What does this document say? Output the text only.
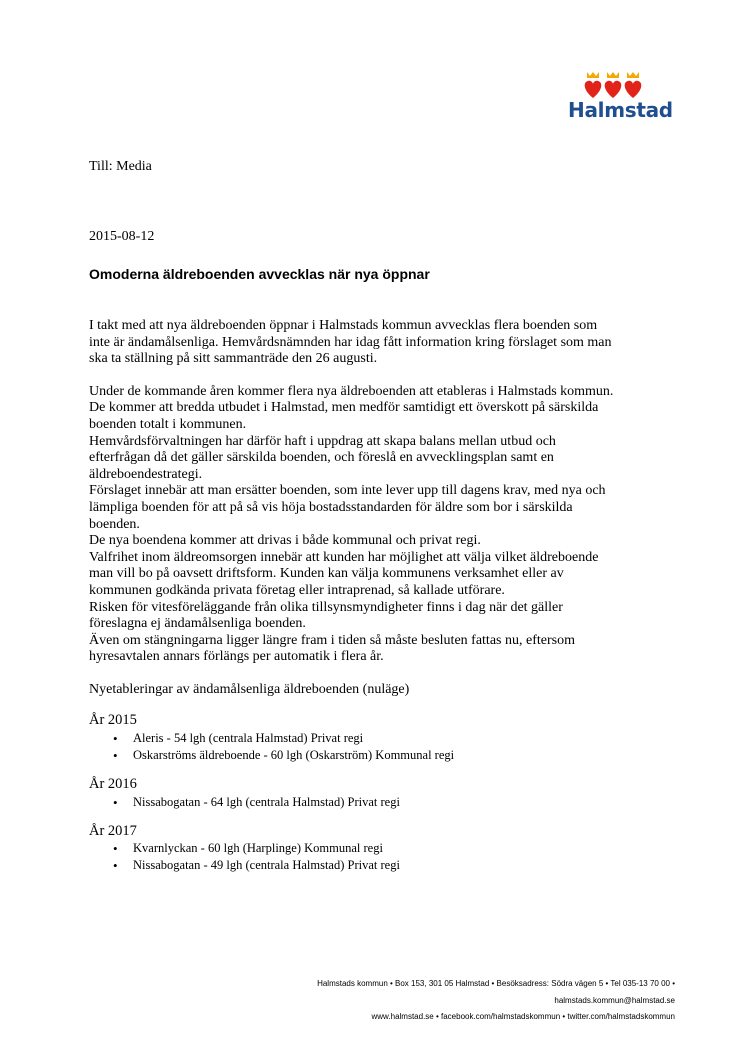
Halmstad
Till: Media
2015-08-12
Omoderna äldreboenden avvecklas när nya öppnar

I takt med att nya äldreboenden öppnar i Halmstads kommun avvecklas flera boenden som
inte är ändamålsenliga. Hemvårdsnämnden har idag fått information kring förslaget som man
ska ta ställning på sitt sammanträde den 26 augusti.

Under de kommande åren kommer flera nya äldreboenden att etableras i Halmstads kommun.
De kommer att bredda utbudet i Halmstad, men medför samtidigt ett överskott på särskilda
boenden totalt i kommunen.

Hemvårdsförvaltningen har därför haft i uppdrag att skapa balans mellan utbud och
efterfrågan då det gäller särskilda boenden, och föreslå en avvecklingsplan samt en
äldreboendestrategi.

Förslaget innebär att man ersätter boenden, som inte lever upp till dagens krav, med nya och
lämpliga boenden för att på så vis höja bostadsstandarden för äldre som bor i särskilda
boenden.

De nya boendena kommer att drivas i både kommunal och privat regi.

Valfrihet inom äldreomsorgen innebär att kunden har möjlighet att välja vilket äldreboende
man vill bo på oavsett driftsform. Kunden kan välja kommunens verksamhet eller av
kommunen godkända privata företag eller intraprenad, så kallade utförare.

Risken för vitesföreläggande från olika tillsynsmyndigheter finns i dag när det gäller
föreslagna ej ändamålsenliga boenden.

Även om stängningarna ligger längre fram i tiden så måste besluten fattas nu, eftersom
hyresavtalen annars förlängs per automatik i flera år.

Nyetableringar av ändamålsenliga äldreboenden (nuläge)

År 2015
• Aleris - 54 lgh (centrala Halmstad) Privat regi
• Oskarströms äldreboende - 60 lgh (Oskarström) Kommunal regi
År 2016
• Nissabogatan - 64 lgh (centrala Halmstad) Privat regi
År 2017
• Kvarnlyckan - 60 lgh (Harplinge) Kommunal regi
• Nissabogatan - 49 lgh (centrala Halmstad) Privat regi
Halmstads kommun • Box 153, 301 05 Halmstad • Besöksadress: Södra vägen 5 • Tel 035-13 70 00 •
halmstads.kommun@halmstad.se
www.halmstad.se • facebook.com/halmstadskommun • twitter.com/halmstadskommun
